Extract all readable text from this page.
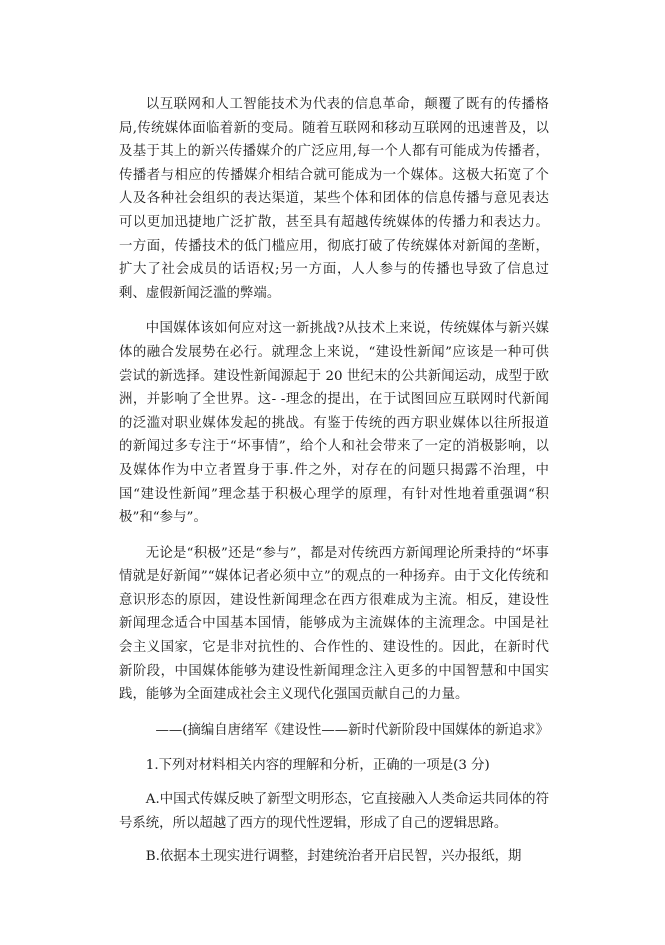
以互联网和人工智能技术为代表的信息革命，颠覆了既有的传播格局,传统媒体面临着新的变局。随着互联网和移动互联网的迅速普及，以及基于其上的新兴传播媒介的广泛应用,每一个人都有可能成为传播者，传播者与相应的传播媒介相结合就可能成为一个媒体。这极大拓宽了个人及各种社会组织的表达渠道，某些个体和团体的信息传播与意见表达可以更加迅捷地广泛扩散，甚至具有超越传统媒体的传播力和表达力。一方面，传播技术的低门槛应用，彻底打破了传统媒体对新闻的垄断，扩大了社会成员的话语权;另一方面，人人参与的传播也导致了信息过剩、虚假新闻泛滥的弊端。

中国媒体该如何应对这一新挑战?从技术上来说，传统媒体与新兴媒体的融合发展势在必行。就理念上来说，“建设性新闻”应该是一种可供尝试的新选择。建设性新闻源起于 20 世纪末的公共新闻运动，成型于欧洲，并影响了全世界。这- -理念的提出，在于试图回应互联网时代新闻的泛滥对职业媒体发起的挑战。有鉴于传统的西方职业媒体以往所报道的新闻过多专注于“坏事情”，给个人和社会带来了一定的消极影响，以及媒体作为中立者置身于事.件之外，对存在的问题只揭露不治理，中国“建设性新闻”理念基于积极心理学的原理，有针对性地着重强调“积极”和“参与”。

无论是“积极”还是“参与”，都是对传统西方新闻理论所秉持的“坏事情就是好新闻”“媒体记者必须中立”的观点的一种扬弃。由于文化传统和意识形态的原因，建设性新闻理念在西方很难成为主流。相反，建设性新闻理念适合中国基本国情，能够成为主流媒体的主流理念。中国是社会主义国家，它是非对抗性的、合作性的、建设性的。因此，在新时代新阶段，中国媒体能够为建设性新闻理念注入更多的中国智慧和中国实践，能够为全面建成社会主义现代化强国贡献自己的力量。

——(摘编自唐绪军《建设性——新时代新阶段中国媒体的新追求》

1.下列对材料相关内容的理解和分析，正确的一项是(3 分)

A.中国式传媒反映了新型文明形态，它直接融入人类命运共同体的符号系统，所以超越了西方的现代性逻辑，形成了自己的逻辑思路。

B.依据本土现实进行调整，封建统治者开启民智，兴办报纸，期
